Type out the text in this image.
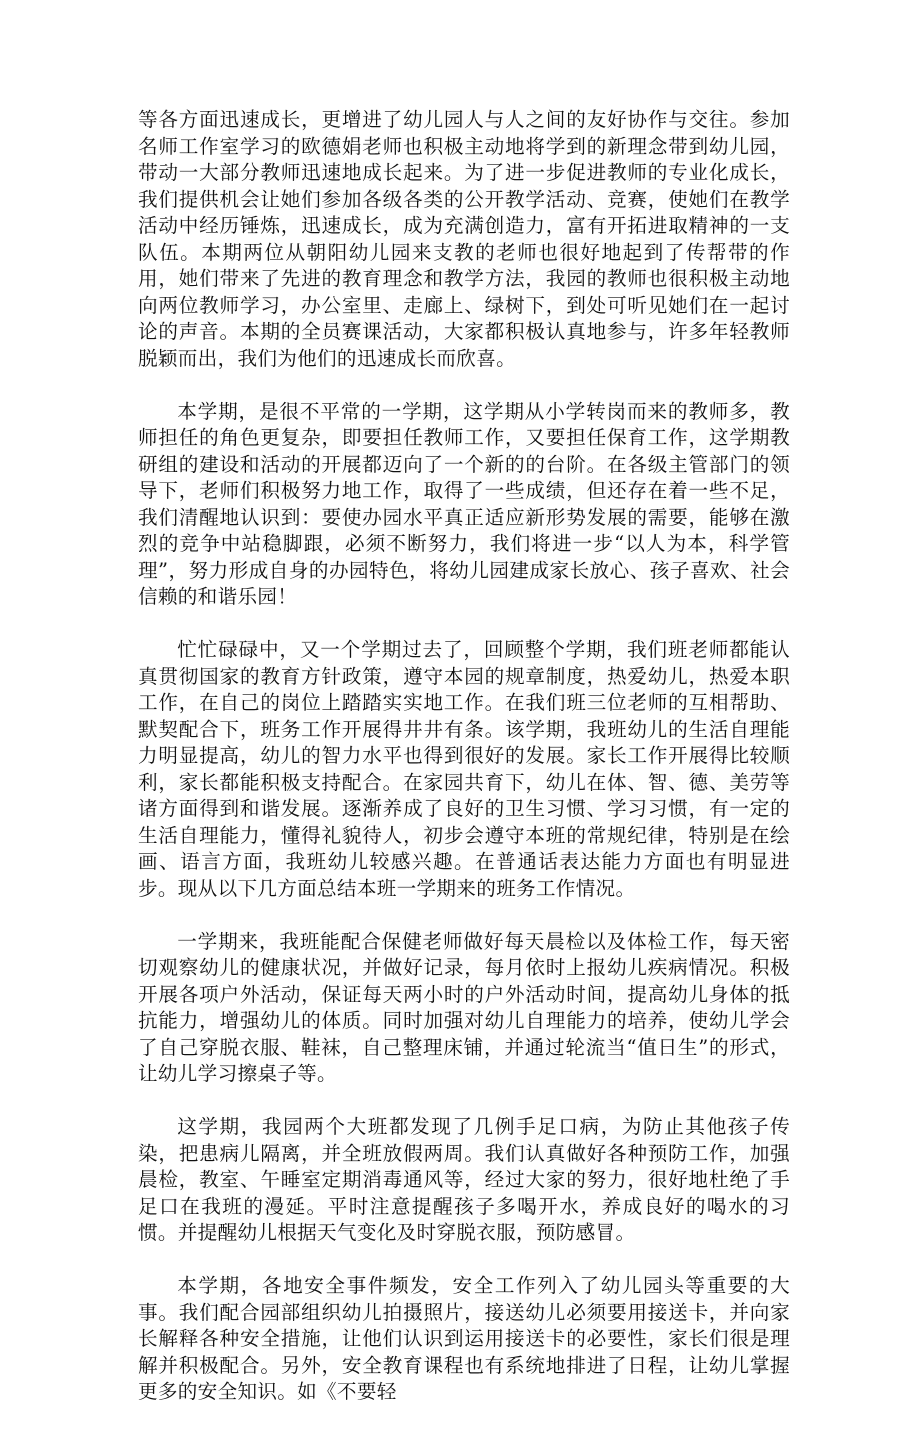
等各方面迅速成长，更增进了幼儿园人与人之间的友好协作与交往。参加名师工作室学习的欧德娟老师也积极主动地将学到的新理念带到幼儿园，带动一大部分教师迅速地成长起来。为了进一步促进教师的专业化成长，我们提供机会让她们参加各级各类的公开教学活动、竞赛，使她们在教学活动中经历锤炼，迅速成长，成为充满创造力，富有开拓进取精神的一支队伍。本期两位从朝阳幼儿园来支教的老师也很好地起到了传帮带的作用，她们带来了先进的教育理念和教学方法，我园的教师也很积极主动地向两位教师学习，办公室里、走廊上、绿树下，到处可听见她们在一起讨论的声音。本期的全员赛课活动，大家都积极认真地参与，许多年轻教师脱颖而出，我们为他们的迅速成长而欣喜。

本学期，是很不平常的一学期，这学期从小学转岗而来的教师多，教师担任的角色更复杂，即要担任教师工作，又要担任保育工作，这学期教研组的建设和活动的开展都迈向了一个新的的台阶。在各级主管部门的领导下，老师们积极努力地工作，取得了一些成绩，但还存在着一些不足，我们清醒地认识到：要使办园水平真正适应新形势发展的需要，能够在激烈的竞争中站稳脚跟，必须不断努力，我们将进一步“以人为本，科学管理”，努力形成自身的办园特色，将幼儿园建成家长放心、孩子喜欢、社会信赖的和谐乐园！

忙忙碌碌中，又一个学期过去了，回顾整个学期，我们班老师都能认真贯彻国家的教育方针政策，遵守本园的规章制度，热爱幼儿，热爱本职工作，在自己的岗位上踏踏实实地工作。在我们班三位老师的互相帮助、默契配合下，班务工作开展得井井有条。该学期，我班幼儿的生活自理能力明显提高，幼儿的智力水平也得到很好的发展。家长工作开展得比较顺利，家长都能积极支持配合。在家园共育下，幼儿在体、智、德、美劳等诸方面得到和谐发展。逐渐养成了良好的卫生习惯、学习习惯，有一定的生活自理能力，懂得礼貌待人，初步会遵守本班的常规纪律，特别是在绘画、语言方面，我班幼儿较感兴趣。在普通话表达能力方面也有明显进步。现从以下几方面总结本班一学期来的班务工作情况。

一学期来，我班能配合保健老师做好每天晨检以及体检工作，每天密切观察幼儿的健康状况，并做好记录，每月依时上报幼儿疾病情况。积极开展各项户外活动，保证每天两小时的户外活动时间，提高幼儿身体的抵抗能力，增强幼儿的体质。同时加强对幼儿自理能力的培养，使幼儿学会了自己穿脱衣服、鞋袜，自己整理床铺，并通过轮流当“值日生”的形式，让幼儿学习擦桌子等。

这学期，我园两个大班都发现了几例手足口病，为防止其他孩子传染，把患病儿隔离，并全班放假两周。我们认真做好各种预防工作，加强晨检，教室、午睡室定期消毒通风等，经过大家的努力，很好地杜绝了手足口在我班的漫延。平时注意提醒孩子多喝开水，养成良好的喝水的习惯。并提醒幼儿根据天气变化及时穿脱衣服，预防感冒。

本学期，各地安全事件频发，安全工作列入了幼儿园头等重要的大事。我们配合园部组织幼儿拍摄照片，接送幼儿必须要用接送卡，并向家长解释各种安全措施，让他们认识到运用接送卡的必要性，家长们很是理解并积极配合。另外，安全教育课程也有系统地排进了日程，让幼儿掌握更多的安全知识。如《不要轻
